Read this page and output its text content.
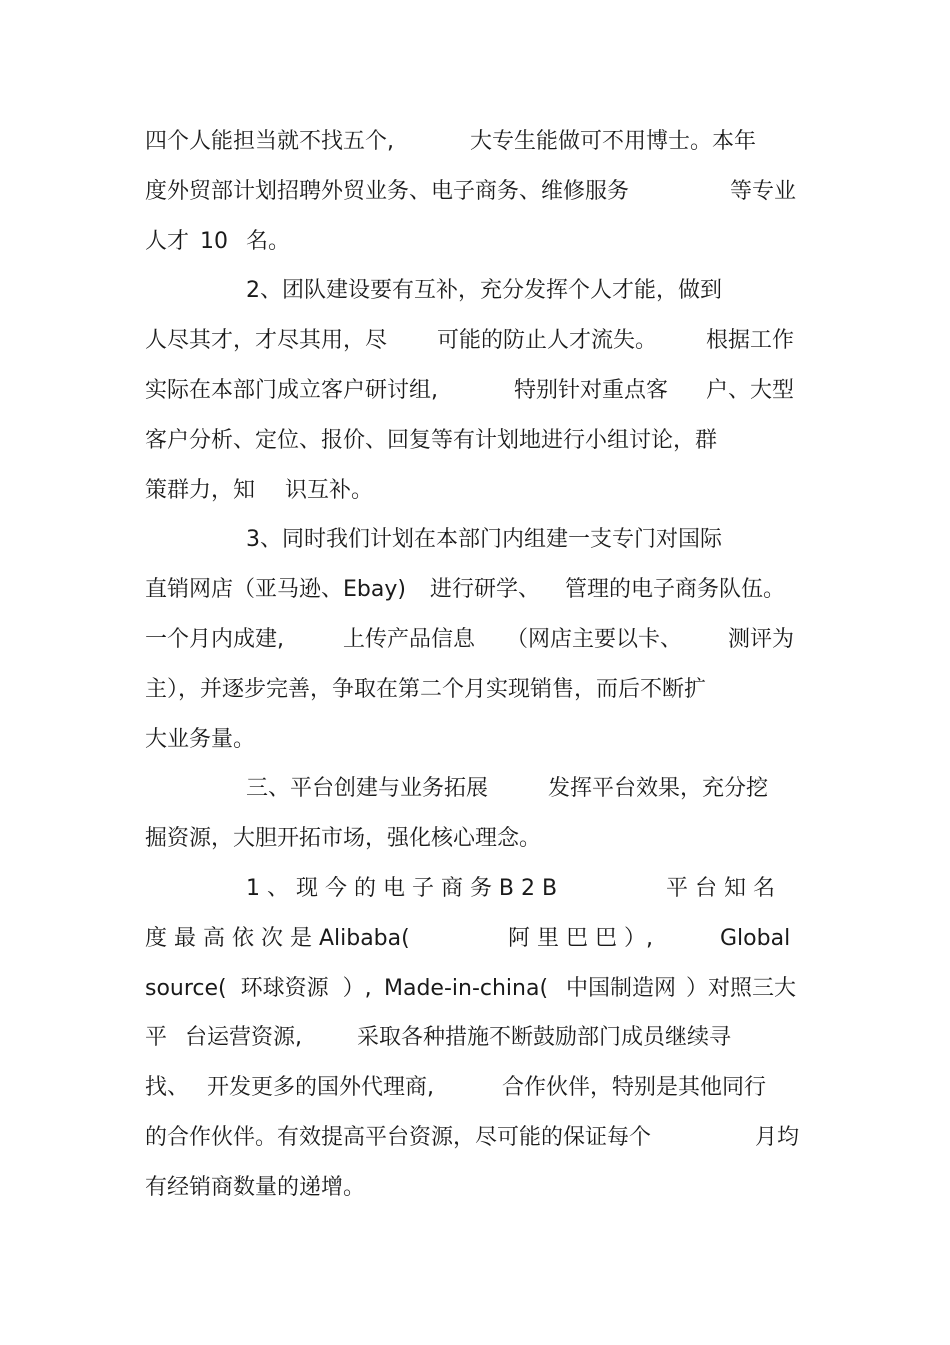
四个人能担当就不找五个,

	大专生能做可不用博士。本年

度外贸部计划招聘外贸业务、电子商务、维修服务

	等专业

人才

10

名。

2、团队建设要有互补，充分发挥个人才能，做到

人尽其才，才尽其用，尽

可能的防止人才流失。

根据工作

实际在本部门成立客户研讨组,

	特别针对重点客

户、大型

客户分析、定位、报价、回复等有计划地进行小组讨论，群

策群力，知

识互补。

3、同时我们计划在本部门内组建一支专门对国际

直销网店（亚马逊、Ebay)

进行研学、

管理的电子商务队伍。

一个月内成建,

	上传产品信息

（网店主要以卡、

测评为

主），并逐步完善，争取在第二个月实现销售，而后不断扩

大业务量。

三、平台创建与业务拓展

	发挥平台效果，充分挖

掘资源，大胆开拓市场，强化核心理念。

1 、 现 今 的 电 子 商 务 B 2 B

	平 台 知 名

度 最 高 依 次 是 Alibaba(

	阿 里 巴 巴 ）,

	Global

source(  环球资源  ）,

Made-in-china(

中国制造网

）对照三大

平

台运营资源,

	采取各种措施不断鼓励部门成员继续寻

找、

开发更多的国外代理商,

	合作伙伴，特别是其他同行

的合作伙伴。有效提高平台资源，尽可能的保证每个

	月均

有经销商数量的递增。
